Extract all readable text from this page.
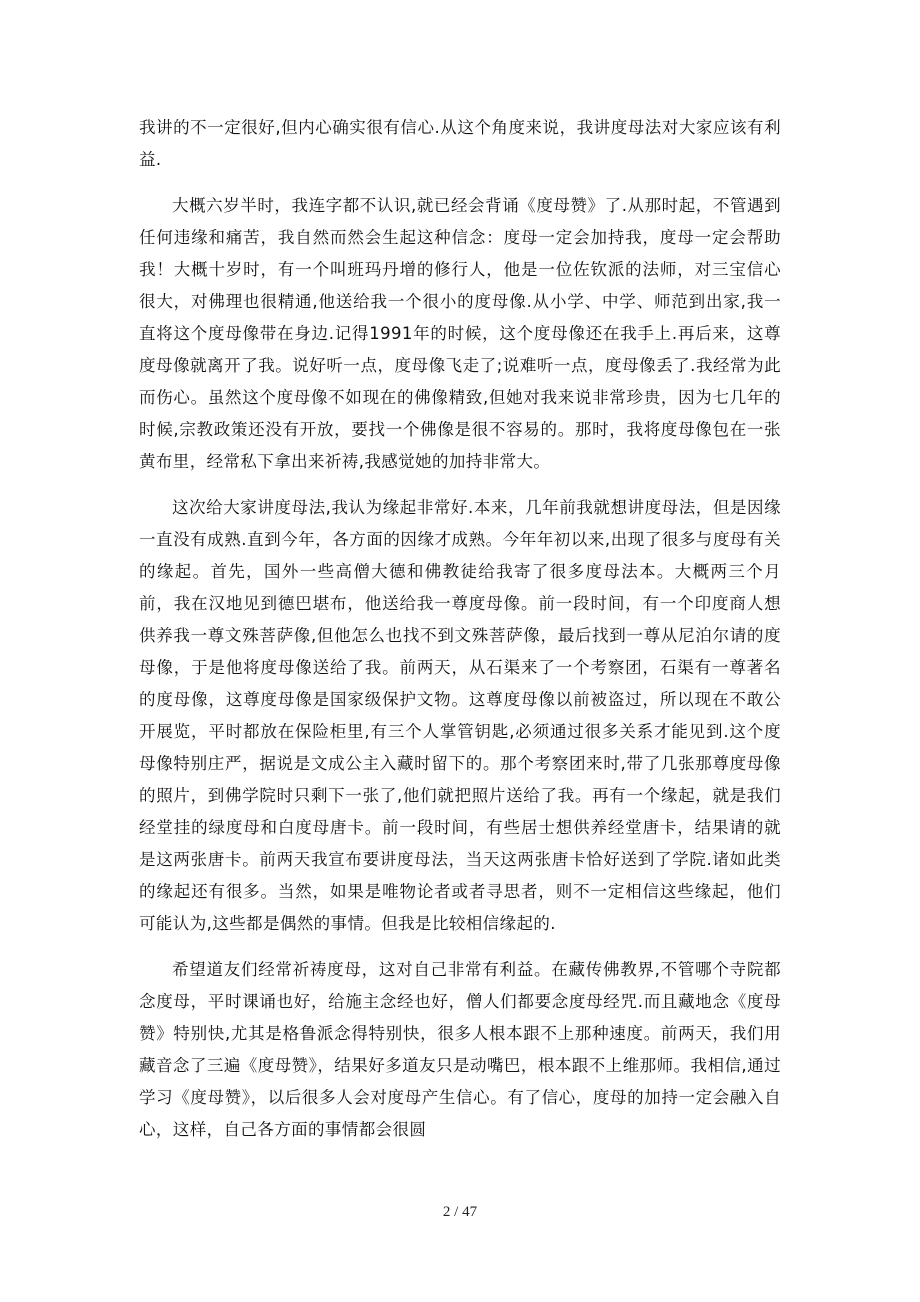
我讲的不一定很好,但内心确实很有信心.从这个角度来说，我讲度母法对大家应该有利益.

大概六岁半时，我连字都不认识,就已经会背诵《度母赞》了.从那时起，不管遇到任何违缘和痛苦，我自然而然会生起这种信念：度母一定会加持我，度母一定会帮助我！大概十岁时，有一个叫班玛丹增的修行人，他是一位佐钦派的法师，对三宝信心很大，对佛理也很精通,他送给我一个很小的度母像.从小学、中学、师范到出家,我一直将这个度母像带在身边.记得1991年的时候，这个度母像还在我手上.再后来，这尊度母像就离开了我。说好听一点，度母像飞走了;说难听一点，度母像丢了.我经常为此而伤心。虽然这个度母像不如现在的佛像精致,但她对我来说非常珍贵，因为七几年的时候,宗教政策还没有开放，要找一个佛像是很不容易的。那时，我将度母像包在一张黄布里，经常私下拿出来祈祷,我感觉她的加持非常大。

这次给大家讲度母法,我认为缘起非常好.本来，几年前我就想讲度母法，但是因缘一直没有成熟.直到今年，各方面的因缘才成熟。今年年初以来,出现了很多与度母有关的缘起。首先，国外一些高僧大德和佛教徒给我寄了很多度母法本。大概两三个月前，我在汉地见到德巴堪布，他送给我一尊度母像。前一段时间，有一个印度商人想供养我一尊文殊菩萨像,但他怎么也找不到文殊菩萨像，最后找到一尊从尼泊尔请的度母像，于是他将度母像送给了我。前两天，从石渠来了一个考察团，石渠有一尊著名的度母像，这尊度母像是国家级保护文物。这尊度母像以前被盗过，所以现在不敢公开展览，平时都放在保险柜里,有三个人掌管钥匙,必须通过很多关系才能见到.这个度母像特别庄严，据说是文成公主入藏时留下的。那个考察团来时,带了几张那尊度母像的照片，到佛学院时只剩下一张了,他们就把照片送给了我。再有一个缘起，就是我们经堂挂的绿度母和白度母唐卡。前一段时间，有些居士想供养经堂唐卡，结果请的就是这两张唐卡。前两天我宣布要讲度母法，当天这两张唐卡恰好送到了学院.诸如此类的缘起还有很多。当然，如果是唯物论者或者寻思者，则不一定相信这些缘起，他们可能认为,这些都是偶然的事情。但我是比较相信缘起的.

希望道友们经常祈祷度母，这对自己非常有利益。在藏传佛教界,不管哪个寺院都念度母，平时课诵也好，给施主念经也好，僧人们都要念度母经咒.而且藏地念《度母赞》特别快,尤其是格鲁派念得特别快，很多人根本跟不上那种速度。前两天，我们用藏音念了三遍《度母赞》，结果好多道友只是动嘴巴，根本跟不上维那师。我相信,通过学习《度母赞》，以后很多人会对度母产生信心。有了信心，度母的加持一定会融入自心，这样，自己各方面的事情都会很圆

2 / 47
